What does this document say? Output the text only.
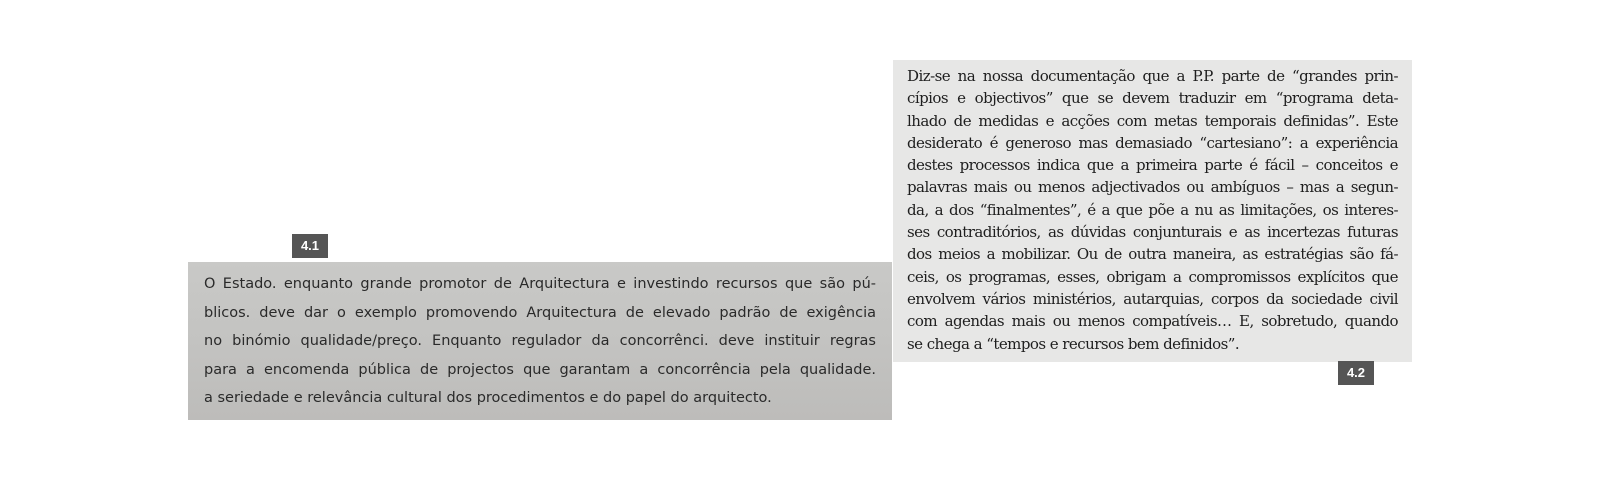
4.1
O Estado. enquanto grande promotor de Arquitectura e investindo recursos que são pú-
blicos. deve dar o exemplo promovendo Arquitectura de elevado padrão de exigência
no binómio qualidade/preço. Enquanto regulador da concorrênci. deve instituir regras
para a encomenda pública de projectos que garantam a concorrência pela qualidade.
a seriedade e relevância cultural dos procedimentos e do papel do arquitecto.
Diz-se na nossa documentação que a P.P. parte de “grandes prin-
cípios e objectivos” que se devem traduzir em “programa deta-
lhado de medidas e acções com metas temporais definidas”. Este
desiderato é generoso mas demasiado “cartesiano”: a experiência
destes processos indica que a primeira parte é fácil – conceitos e
palavras mais ou menos adjectivados ou ambíguos – mas a segun-
da, a dos “finalmentes”, é a que põe a nu as limitações, os interes-
ses contraditórios, as dúvidas conjunturais e as incertezas futuras
dos meios a mobilizar. Ou de outra maneira, as estratégias são fá-
ceis, os programas, esses, obrigam a compromissos explícitos que
envolvem vários ministérios, autarquias, corpos da sociedade civil
com agendas mais ou menos compatíveis… E, sobretudo, quando
se chega a “tempos e recursos bem definidos”.
4.2
